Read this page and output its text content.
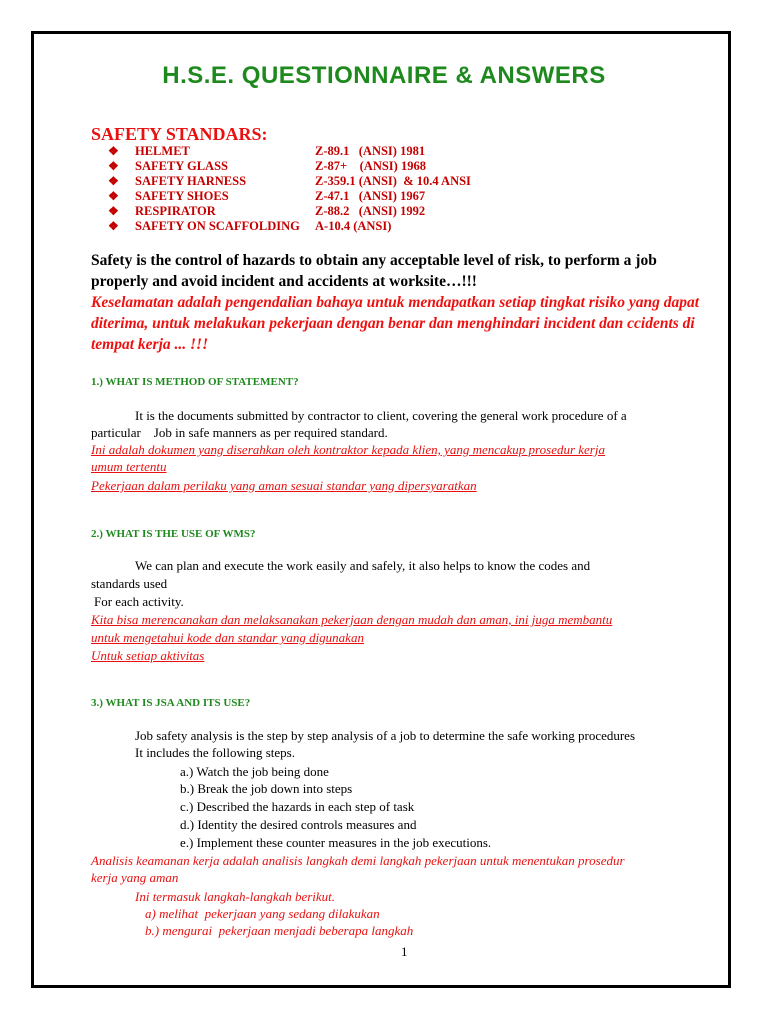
H.S.E. QUESTIONNAIRE & ANSWERS
SAFETY STANDARS:
❖	HELMET	Z-89.1   (ANSI) 1981
❖	SAFETY GLASS	Z-87+    (ANSI) 1968
❖	SAFETY HARNESS	Z-359.1 (ANSI)  & 10.4 ANSI
❖	SAFETY SHOES	Z-47.1   (ANSI) 1967
❖	RESPIRATOR	Z-88.2   (ANSI) 1992
❖	SAFETY ON SCAFFOLDING	A-10.4 (ANSI)
Safety is the control of hazards to obtain any acceptable level of risk, to perform a job properly and avoid incident and accidents at worksite…!!!
Keselamatan adalah pengendalian bahaya untuk mendapatkan setiap tingkat risiko yang dapat diterima, untuk melakukan pekerjaan dengan benar dan menghindari incident dan ccidents di tempat kerja ... !!!
1.) WHAT IS METHOD OF STATEMENT?
It is the documents submitted by contractor to client, covering the general work procedure of a
particular    Job in safe manners as per required standard.
Ini adalah dokumen yang diserahkan oleh kontraktor kepada klien, yang mencakup prosedur kerja
umum tertentu
Pekerjaan dalam perilaku yang aman sesuai standar yang dipersyaratkan
2.) WHAT IS THE USE OF WMS?
We can plan and execute the work easily and safely, it also helps to know the codes and
standards used
For each activity.
Kita bisa merencanakan dan melaksanakan pekerjaan dengan mudah dan aman, ini juga membantu
untuk mengetahui kode dan standar yang digunakan
Untuk setiap aktivitas
3.) WHAT IS JSA AND ITS USE?
Job safety analysis is the step by step analysis of a job to determine the safe working procedures
It includes the following steps.
a.) Watch the job being done
b.) Break the job down into steps
c.) Described the hazards in each step of task
d.) Identity the desired controls measures and
e.) Implement these counter measures in the job executions.
Analisis keamanan kerja adalah analisis langkah demi langkah pekerjaan untuk menentukan prosedur
kerja yang aman
Ini termasuk langkah-langkah berikut.
a) melihat  pekerjaan yang sedang dilakukan
b.) mengurai  pekerjaan menjadi beberapa langkah
1
